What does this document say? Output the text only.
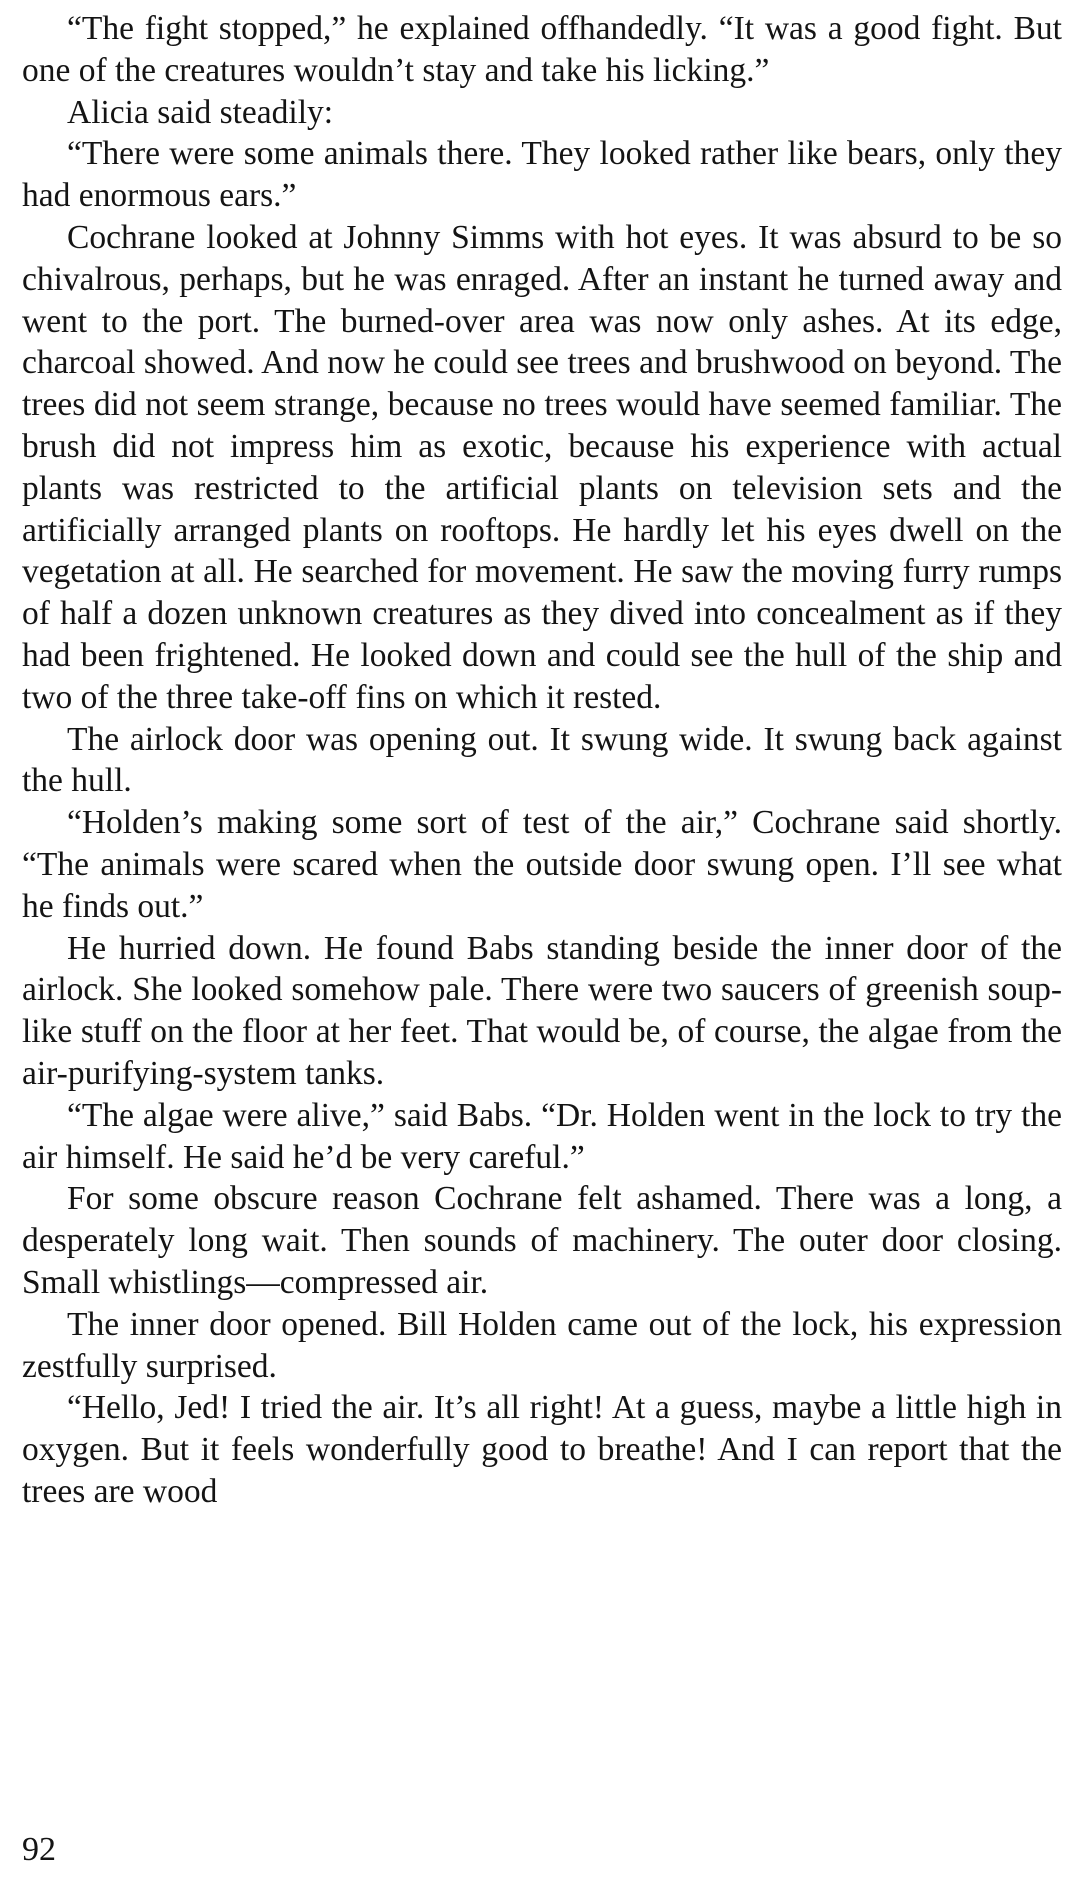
“The fight stopped,” he explained offhandedly. “It was a good fight. But one of the creatures wouldn’t stay and take his licking.”

Alicia said steadily:

“There were some animals there. They looked rather like bears, only they had enormous ears.”

Cochrane looked at Johnny Simms with hot eyes. It was absurd to be so chivalrous, perhaps, but he was enraged. After an instant he turned away and went to the port. The burned-over area was now only ashes. At its edge, charcoal showed. And now he could see trees and brushwood on beyond. The trees did not seem strange, because no trees would have seemed familiar. The brush did not impress him as exotic, because his experience with actual plants was restricted to the artificial plants on television sets and the artificially arranged plants on rooftops. He hardly let his eyes dwell on the vegetation at all. He searched for movement. He saw the moving furry rumps of half a dozen unknown creatures as they dived into concealment as if they had been frightened. He looked down and could see the hull of the ship and two of the three take-off fins on which it rested.

The airlock door was opening out. It swung wide. It swung back against the hull.

“Holden’s making some sort of test of the air,” Cochrane said shortly. “The animals were scared when the outside door swung open. I’ll see what he finds out.”

He hurried down. He found Babs standing beside the inner door of the airlock. She looked somehow pale. There were two saucers of greenish soup-like stuff on the floor at her feet. That would be, of course, the algae from the air-purifying-system tanks.

“The algae were alive,” said Babs. “Dr. Holden went in the lock to try the air himself. He said he’d be very careful.”

For some obscure reason Cochrane felt ashamed. There was a long, a desperately long wait. Then sounds of machinery. The outer door closing. Small whistlings—compressed air.

The inner door opened. Bill Holden came out of the lock, his expression zestfully surprised.

“Hello, Jed! I tried the air. It’s all right! At a guess, maybe a little high in oxygen. But it feels wonderfully good to breathe! And I can report that the trees are wood

92
